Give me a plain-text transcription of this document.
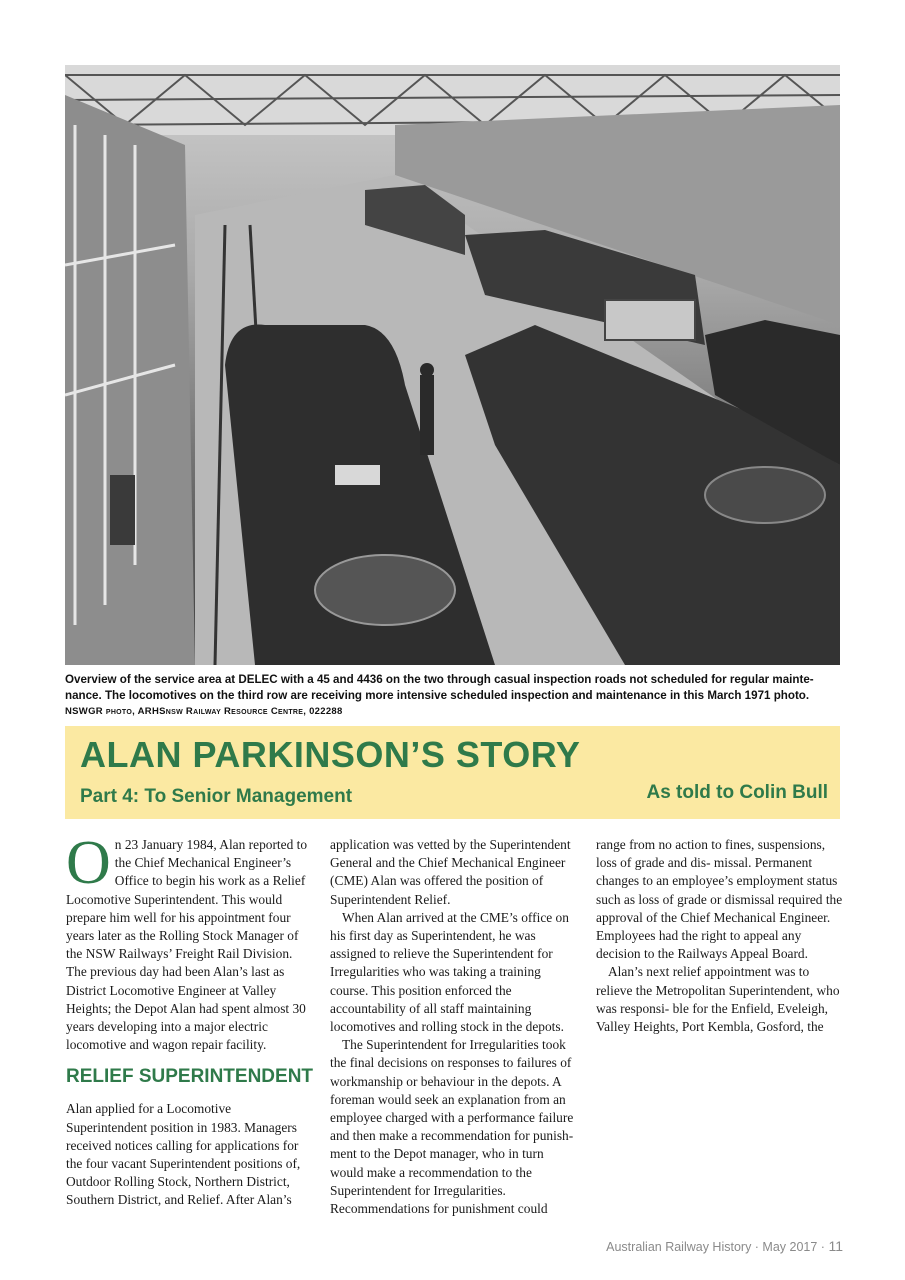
Overview of the service area at DELEC with a 45 and 4436 on the two through casual inspection roads not scheduled for regular mainte- nance. The locomotives on the third row are receiving more intensive scheduled inspection and maintenance in this March 1971 photo.
NSWGR photo, ARHSnsw Railway Resource Centre, 022288
ALAN PARKINSON’S STORY
Part 4: To Senior Management	As told to Colin Bull

On 23 January 1984, Alan reported to the Chief Mechanical Engineer’s Office to begin his work as a Relief Locomotive Superintendent. This would prepare him well for his appointment four years later as the Rolling Stock Manager of the NSW Railways’ Freight Rail Division. The previous day had been Alan’s last as District Locomotive Engineer at Valley Heights; the Depot Alan had spent almost 30 years developing into a major electric locomotive and wagon repair facility.

RELIEF SUPERINTENDENT

Alan applied for a Locomotive Superintendent position in 1983. Managers received notices calling for applications for the four vacant Superintendent positions of, Outdoor Rolling Stock, Northern District, Southern District, and Relief. After Alan’s

application was vetted by the Superintendent General and the Chief Mechanical Engineer (CME) Alan was offered the position of Superintendent Relief.

When Alan arrived at the CME’s office on his first day as Superintendent, he was assigned to relieve the Superintendent for Irregularities who was taking a training course. This position enforced the accountability of all staff maintaining locomotives and rolling stock in the depots.

The Superintendent for Irregularities took the final decisions on responses to failures of workmanship or behaviour in the depots. A foreman would seek an explanation from an employee charged with a performance failure and then make a recommendation for punish- ment to the Depot manager, who in turn would make a recommendation to the Superintendent for Irregularities. Recommendations for punishment could

range from no action to fines, suspensions, loss of grade and dis- missal. Permanent changes to an employee’s employment status such as loss of grade or dismissal required the approval of the Chief Mechanical Engineer. Employees had the right to appeal any decision to the Railways Appeal Board.

Alan’s next relief appointment was to relieve the Metropolitan Superintendent, who was responsi- ble for the Enfield, Eveleigh, Valley Heights, Port Kembla, Gosford, the

Australian Railway History · May 2017 · 11
